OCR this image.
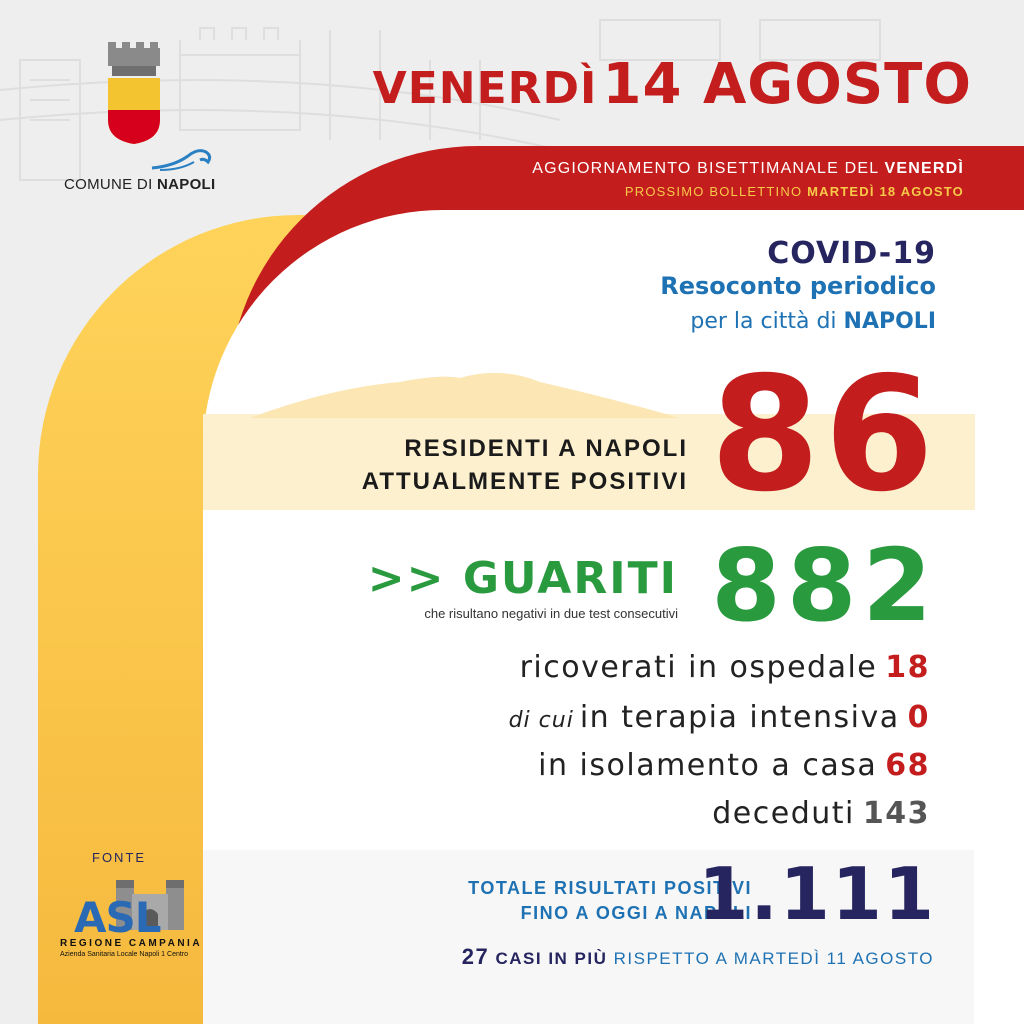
COMUNE DI NAPOLI
VENERDÌ 14 AGOSTO
AGGIORNAMENTO BISETTIMANALE DEL VENERDÌ
PROSSIMO BOLLETTINO MARTEDÌ 18 AGOSTO
COVID-19
Resoconto periodico
per la città di NAPOLI
RESIDENTI A NAPOLI
ATTUALMENTE POSITIVI 86
>> GUARITI
che risultano negativi in due test consecutivi 882
ricoverati in ospedale 18
di cui in terapia intensiva 0
in isolamento a casa 68
deceduti 143
TOTALE RISULTATI POSITIVI
FINO A OGGI A NAPOLI
1.111
27 CASI IN PIÙ RISPETTO A MARTEDÌ 11 AGOSTO
FONTE
ASL
REGIONE CAMPANIA
Azienda Sanitaria Locale Napoli 1 Centro
